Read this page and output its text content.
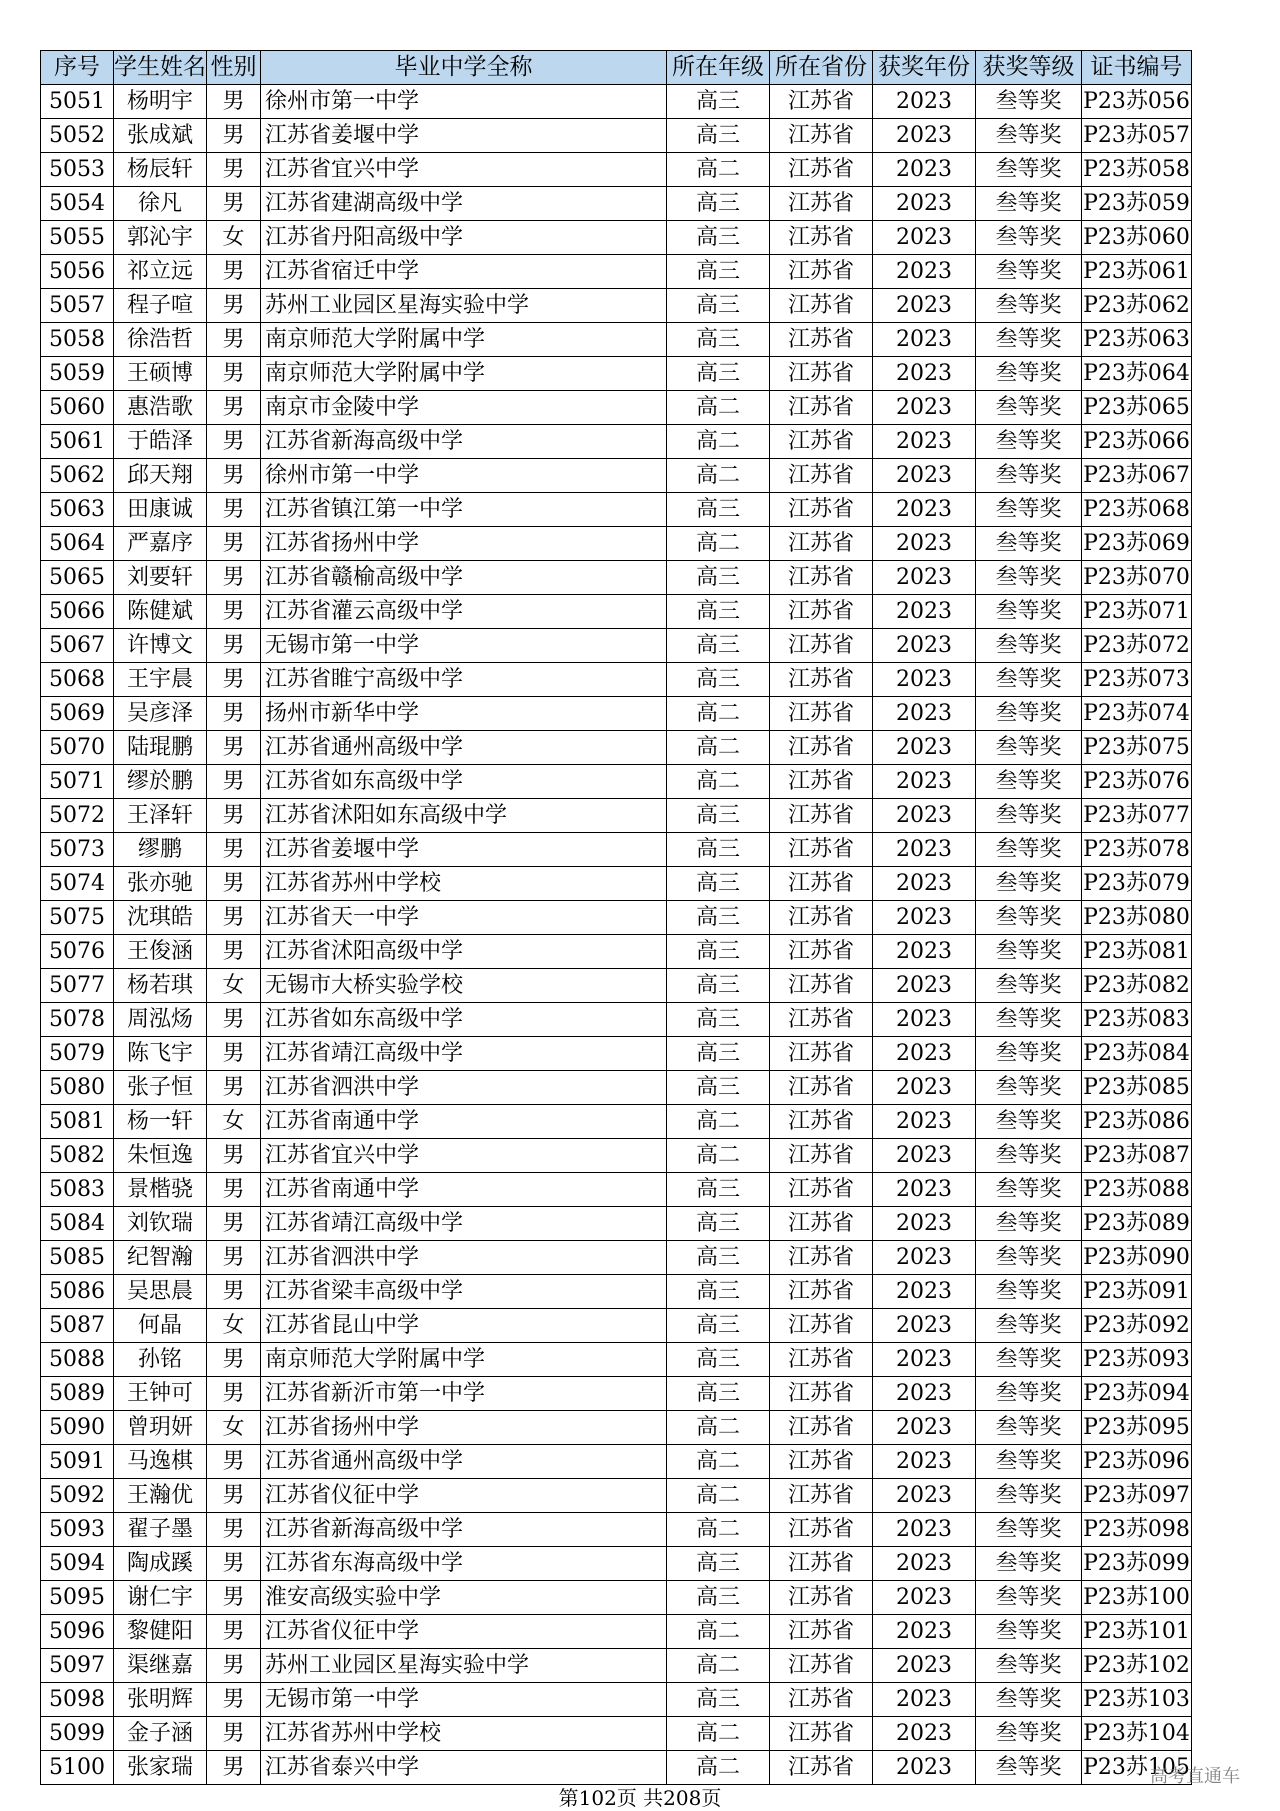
序号	学生姓名	性别	毕业中学全称	所在年级	所在省份	获奖年份	获奖等级	证书编号
5051	杨明宇	男	徐州市第一中学	高三	江苏省	2023	叁等奖	P23苏056
5052	张成斌	男	江苏省姜堰中学	高三	江苏省	2023	叁等奖	P23苏057
5053	杨辰轩	男	江苏省宜兴中学	高二	江苏省	2023	叁等奖	P23苏058
5054	徐凡	男	江苏省建湖高级中学	高三	江苏省	2023	叁等奖	P23苏059
5055	郭沁宇	女	江苏省丹阳高级中学	高三	江苏省	2023	叁等奖	P23苏060
5056	祁立远	男	江苏省宿迁中学	高三	江苏省	2023	叁等奖	P23苏061
5057	程子喧	男	苏州工业园区星海实验中学	高三	江苏省	2023	叁等奖	P23苏062
5058	徐浩哲	男	南京师范大学附属中学	高三	江苏省	2023	叁等奖	P23苏063
5059	王硕博	男	南京师范大学附属中学	高三	江苏省	2023	叁等奖	P23苏064
5060	惠浩歌	男	南京市金陵中学	高二	江苏省	2023	叁等奖	P23苏065
5061	于皓泽	男	江苏省新海高级中学	高二	江苏省	2023	叁等奖	P23苏066
5062	邱天翔	男	徐州市第一中学	高二	江苏省	2023	叁等奖	P23苏067
5063	田康诚	男	江苏省镇江第一中学	高三	江苏省	2023	叁等奖	P23苏068
5064	严嘉序	男	江苏省扬州中学	高二	江苏省	2023	叁等奖	P23苏069
5065	刘要轩	男	江苏省赣榆高级中学	高三	江苏省	2023	叁等奖	P23苏070
5066	陈健斌	男	江苏省灌云高级中学	高三	江苏省	2023	叁等奖	P23苏071
5067	许博文	男	无锡市第一中学	高三	江苏省	2023	叁等奖	P23苏072
5068	王宇晨	男	江苏省睢宁高级中学	高三	江苏省	2023	叁等奖	P23苏073
5069	吴彦泽	男	扬州市新华中学	高二	江苏省	2023	叁等奖	P23苏074
5070	陆琨鹏	男	江苏省通州高级中学	高二	江苏省	2023	叁等奖	P23苏075
5071	缪於鹏	男	江苏省如东高级中学	高二	江苏省	2023	叁等奖	P23苏076
5072	王泽轩	男	江苏省沭阳如东高级中学	高三	江苏省	2023	叁等奖	P23苏077
5073	缪鹏	男	江苏省姜堰中学	高三	江苏省	2023	叁等奖	P23苏078
5074	张亦驰	男	江苏省苏州中学校	高三	江苏省	2023	叁等奖	P23苏079
5075	沈琪皓	男	江苏省天一中学	高三	江苏省	2023	叁等奖	P23苏080
5076	王俊涵	男	江苏省沭阳高级中学	高三	江苏省	2023	叁等奖	P23苏081
5077	杨若琪	女	无锡市大桥实验学校	高三	江苏省	2023	叁等奖	P23苏082
5078	周泓炀	男	江苏省如东高级中学	高三	江苏省	2023	叁等奖	P23苏083
5079	陈飞宇	男	江苏省靖江高级中学	高三	江苏省	2023	叁等奖	P23苏084
5080	张子恒	男	江苏省泗洪中学	高三	江苏省	2023	叁等奖	P23苏085
5081	杨一轩	女	江苏省南通中学	高二	江苏省	2023	叁等奖	P23苏086
5082	朱恒逸	男	江苏省宜兴中学	高二	江苏省	2023	叁等奖	P23苏087
5083	景楷骁	男	江苏省南通中学	高三	江苏省	2023	叁等奖	P23苏088
5084	刘钦瑞	男	江苏省靖江高级中学	高三	江苏省	2023	叁等奖	P23苏089
5085	纪智瀚	男	江苏省泗洪中学	高三	江苏省	2023	叁等奖	P23苏090
5086	吴思晨	男	江苏省梁丰高级中学	高三	江苏省	2023	叁等奖	P23苏091
5087	何晶	女	江苏省昆山中学	高三	江苏省	2023	叁等奖	P23苏092
5088	孙铭	男	南京师范大学附属中学	高三	江苏省	2023	叁等奖	P23苏093
5089	王钟可	男	江苏省新沂市第一中学	高三	江苏省	2023	叁等奖	P23苏094
5090	曾玥妍	女	江苏省扬州中学	高二	江苏省	2023	叁等奖	P23苏095
5091	马逸棋	男	江苏省通州高级中学	高二	江苏省	2023	叁等奖	P23苏096
5092	王瀚优	男	江苏省仪征中学	高二	江苏省	2023	叁等奖	P23苏097
5093	翟子墨	男	江苏省新海高级中学	高二	江苏省	2023	叁等奖	P23苏098
5094	陶成蹊	男	江苏省东海高级中学	高三	江苏省	2023	叁等奖	P23苏099
5095	谢仁宇	男	淮安高级实验中学	高三	江苏省	2023	叁等奖	P23苏100
5096	黎健阳	男	江苏省仪征中学	高二	江苏省	2023	叁等奖	P23苏101
5097	渠继嘉	男	苏州工业园区星海实验中学	高二	江苏省	2023	叁等奖	P23苏102
5098	张明辉	男	无锡市第一中学	高三	江苏省	2023	叁等奖	P23苏103
5099	金子涵	男	江苏省苏州中学校	高二	江苏省	2023	叁等奖	P23苏104
5100	张家瑞	男	江苏省泰兴中学	高二	江苏省	2023	叁等奖	P23苏105
高考直通车
第102页 共208页
